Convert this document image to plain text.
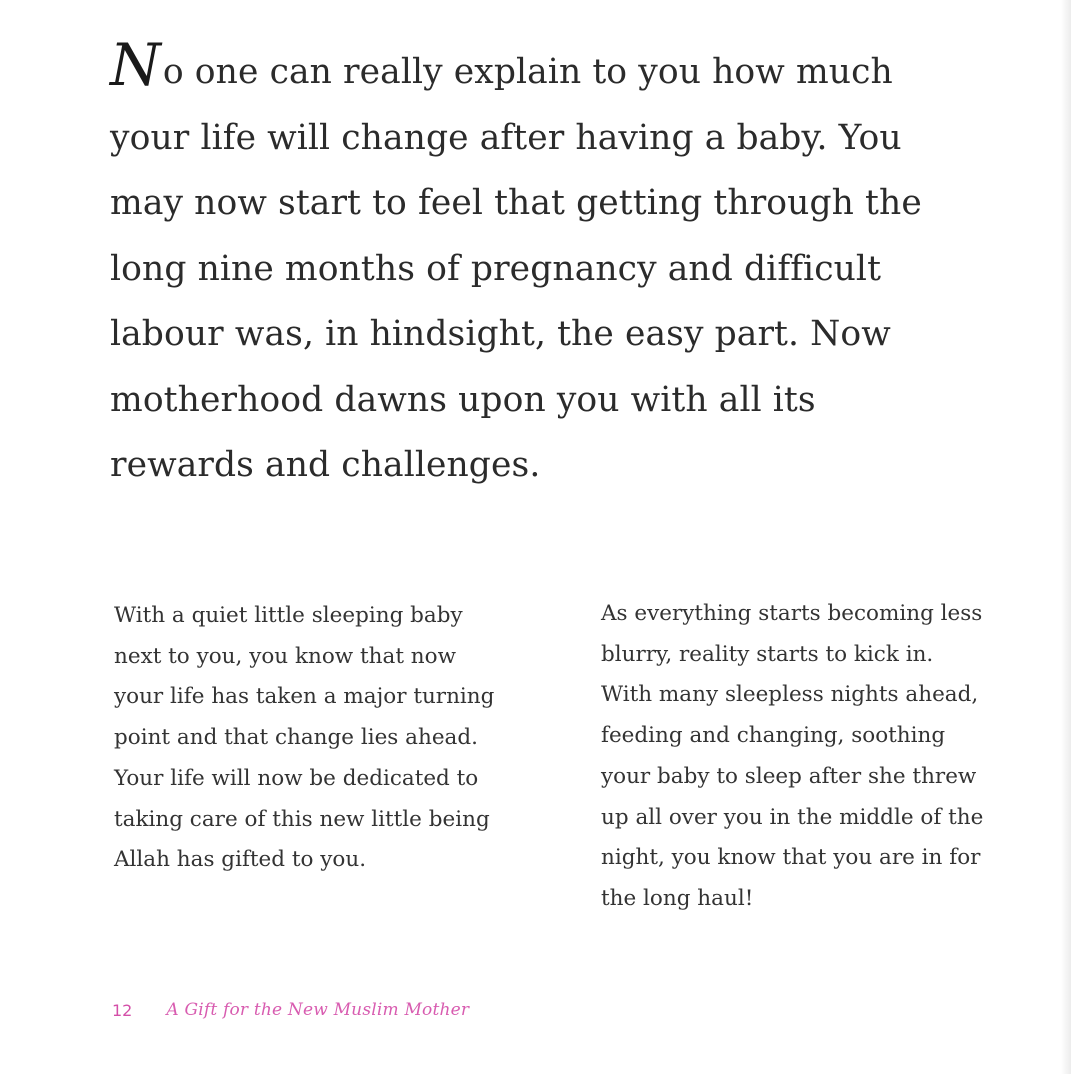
No one can really explain to you how much
your life will change after having a baby. You
may now start to feel that getting through the
long nine months of pregnancy and difficult
labour was, in hindsight, the easy part. Now
motherhood dawns upon you with all its
rewards and challenges.

With a quiet little sleeping baby
next to you, you know that now
your life has taken a major turning
point and that change lies ahead.
Your life will now be dedicated to
taking care of this new little being
Allah has gifted to you.

As everything starts becoming less
blurry, reality starts to kick in.
With many sleepless nights ahead,
feeding and changing, soothing
your baby to sleep after she threw
up all over you in the middle of the
night, you know that you are in for
the long haul!

12 A Gift for the New Muslim Mother
